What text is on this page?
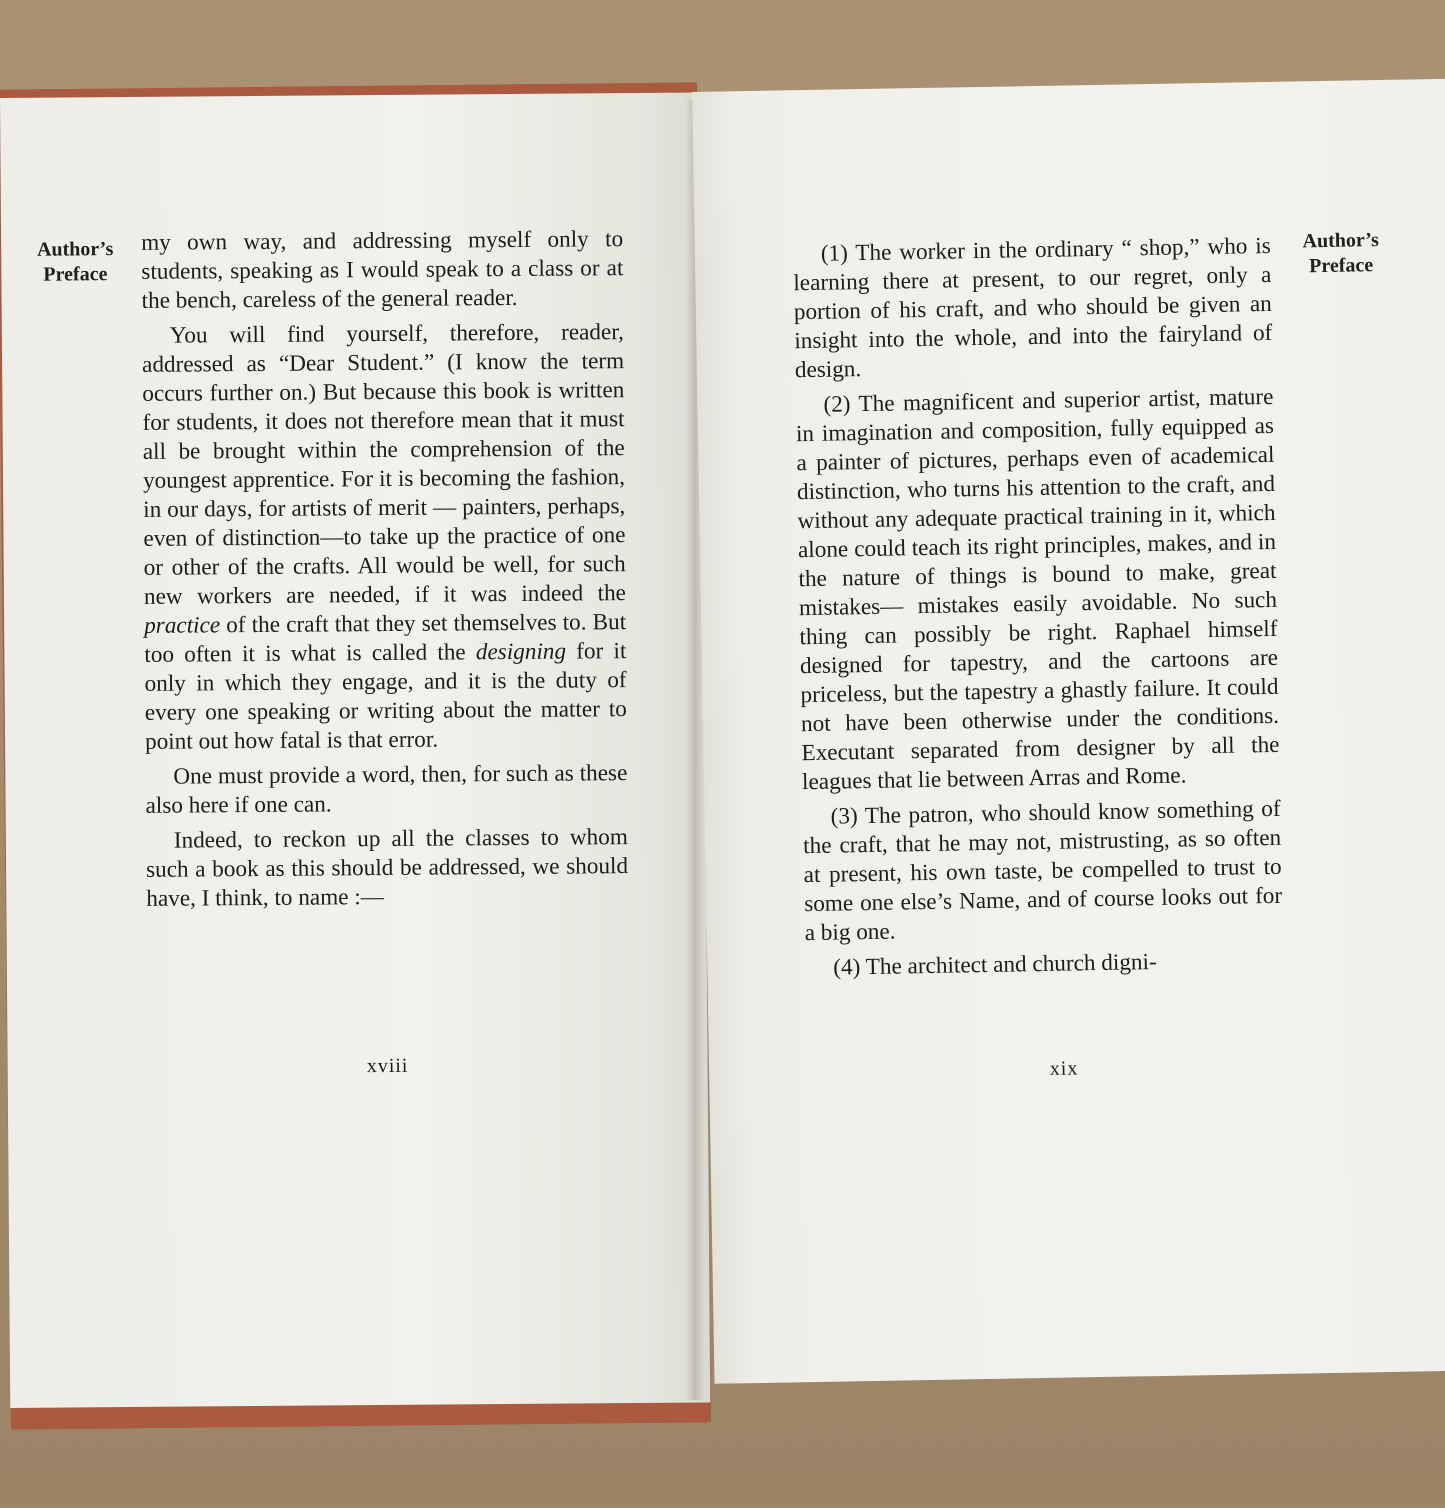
Author’s
Preface

my own way, and addressing myself only to students, speaking as I would speak to a class or at the bench, careless of the general reader.

You will find yourself, therefore, reader, addressed as “Dear Student.” (I know the term occurs further on.) But because this book is written for students, it does not therefore mean that it must all be brought within the comprehension of the youngest apprentice. For it is becoming the fashion, in our days, for artists of merit — painters, perhaps, even of distinction—to take up the practice of one or other of the crafts. All would be well, for such new workers are needed, if it was indeed the practice of the craft that they set themselves to. But too often it is what is called the designing for it only in which they engage, and it is the duty of every one speaking or writing about the matter to point out how fatal is that error.

One must provide a word, then, for such as these also here if one can.

Indeed, to reckon up all the classes to whom such a book as this should be addressed, we should have, I think, to name :—

xviii

(1) The worker in the ordinary “ shop,” who is learning there at present, to our regret, only a portion of his craft, and who should be given an insight into the whole, and into the fairyland of design.

(2) The magnificent and superior artist, mature in imagination and composition, fully equipped as a painter of pictures, perhaps even of academical distinction, who turns his attention to the craft, and without any adequate practical training in it, which alone could teach its right principles, makes, and in the nature of things is bound to make, great mistakes— mistakes easily avoidable. No such thing can possibly be right. Raphael himself designed for tapestry, and the cartoons are priceless, but the tapestry a ghastly failure. It could not have been otherwise under the conditions. Executant separated from designer by all the leagues that lie between Arras and Rome.

(3) The patron, who should know something of the craft, that he may not, mistrusting, as so often at present, his own taste, be compelled to trust to some one else’s Name, and of course looks out for a big one.

(4) The architect and church digni-

Author’s
Preface
xix
